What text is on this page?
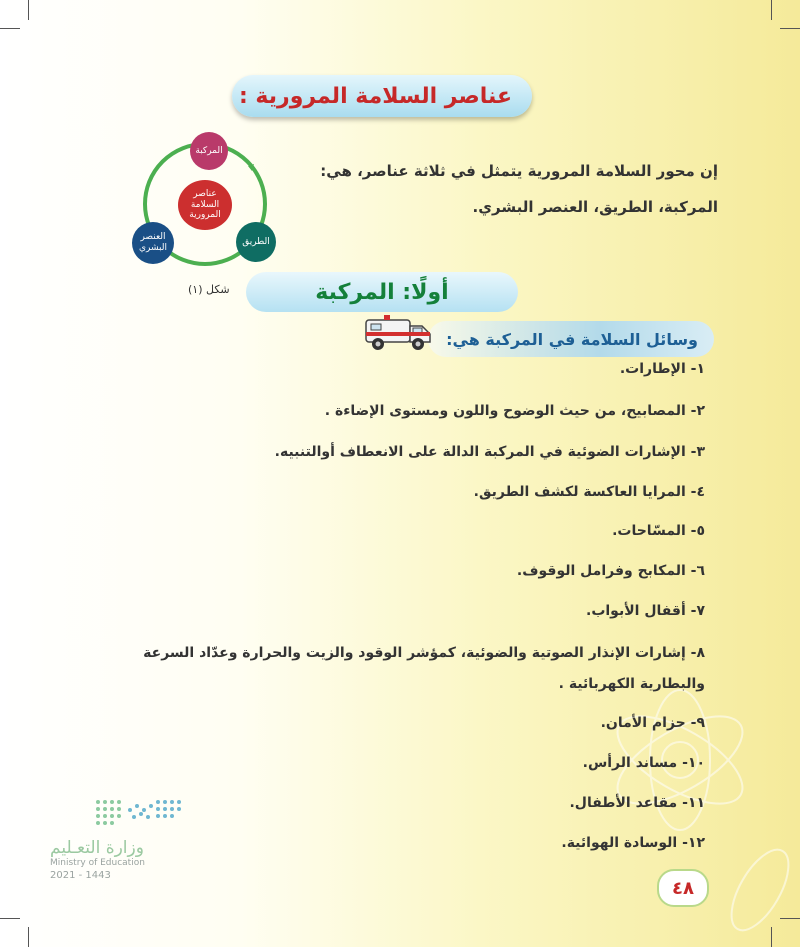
عناصر السلامة المرورية :
عناصر السلامة المرورية
المركبة
الطريق
العنصر البشري
إن محور السلامة المرورية يتمثل في ثلاثة عناصر، هي:
المركبة، الطريق، العنصر البشري.
شكل (١)	أولًا: المركبة
وسائل السلامة في المركبة هي:
١- الإطارات.
٢- المصابيح، من حيث الوضوح واللون ومستوى الإضاءة .
٣- الإشارات الضوئية في المركبة الدالة على الانعطاف أوالتنبيه.
٤- المرايا العاكسة لكشف الطريق.
٥- المسّاحات.
٦- المكابح وفرامل الوقوف.
٧- أقفال الأبواب.
٨- إشارات الإنذار الصوتية والضوئية، كمؤشر الوقود والزيت والحرارة وعدّاد السرعة والبطارية الكهربائية .
٩- حزام الأمان.
١٠- مساند الرأس.
١١- مقاعد الأطفال.
١٢- الوسادة الهوائية.
وزارة التعـليم
Ministry of Education
2021 - 1443
٤٨
